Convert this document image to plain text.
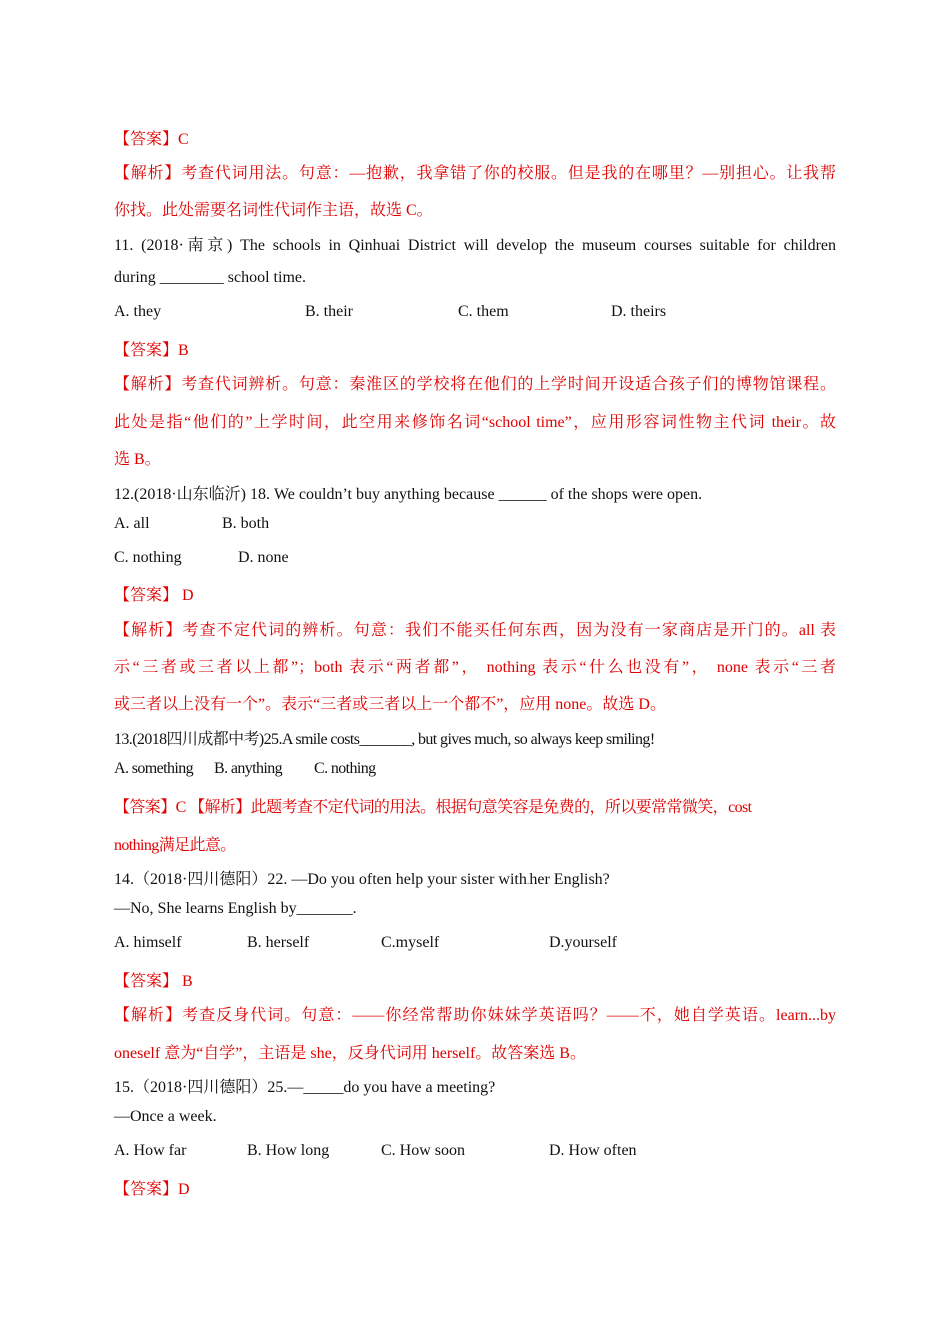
【答案】C
【解析】考查代词用法。句意：—抱歉，我拿错了你的校服。但是我的在哪里？—别担心。让我帮
你找。此处需要名词性代词作主语，故选 C。
11. (2018·南京) The schools in Qinhuai District will develop the museum courses suitable for children
during ________ school time.
A. they	B. their	C. them	D. theirs
【答案】B
【解析】考查代词辨析。句意：秦淮区的学校将在他们的上学时间开设适合孩子们的博物馆课程。
此处是指“他们的”上学时间，此空用来修饰名词“school time”，应用形容词性物主代词 their。故
选 B。
12.(2018·山东临沂) 18. We couldn’t buy anything because ______ of the shops were open.
A. all	B. both
C. nothing	D. none
【答案】 D
【解析】考查不定代词的辨析。句意：我们不能买任何东西，因为没有一家商店是开门的。all 表
示“三者或三者以上都”；both 表示“两者都”， nothing 表示“什么也没有”， none 表示“三者
或三者以上没有一个”。表示“三者或三者以上一个都不”，应用 none。故选 D。
13.(2018四川成都中考)25.A smile costs_______, but gives much, so always keep smiling!
A. something B. anything C. nothing
【答案】C 【解析】此题考查不定代词的用法。根据句意笑容是免费的，所以要常常微笑，cost
nothing满足此意。
14.（2018·四川德阳）22. —Do you often help your sister with.her English?
—No, She learns English by_______.
A. himself	B. herself	C.myself	D.yourself
【答案】 B
【解析】考查反身代词。句意：——你经常帮助你妹妹学英语吗？——不，她自学英语。learn...by
oneself 意为“自学”，主语是 she，反身代词用 herself。故答案选 B。
15.（2018·四川德阳）25.—_____do you have a meeting?
—Once a week.
A. How far	B. How long	C. How soon	D. How often
【答案】D
